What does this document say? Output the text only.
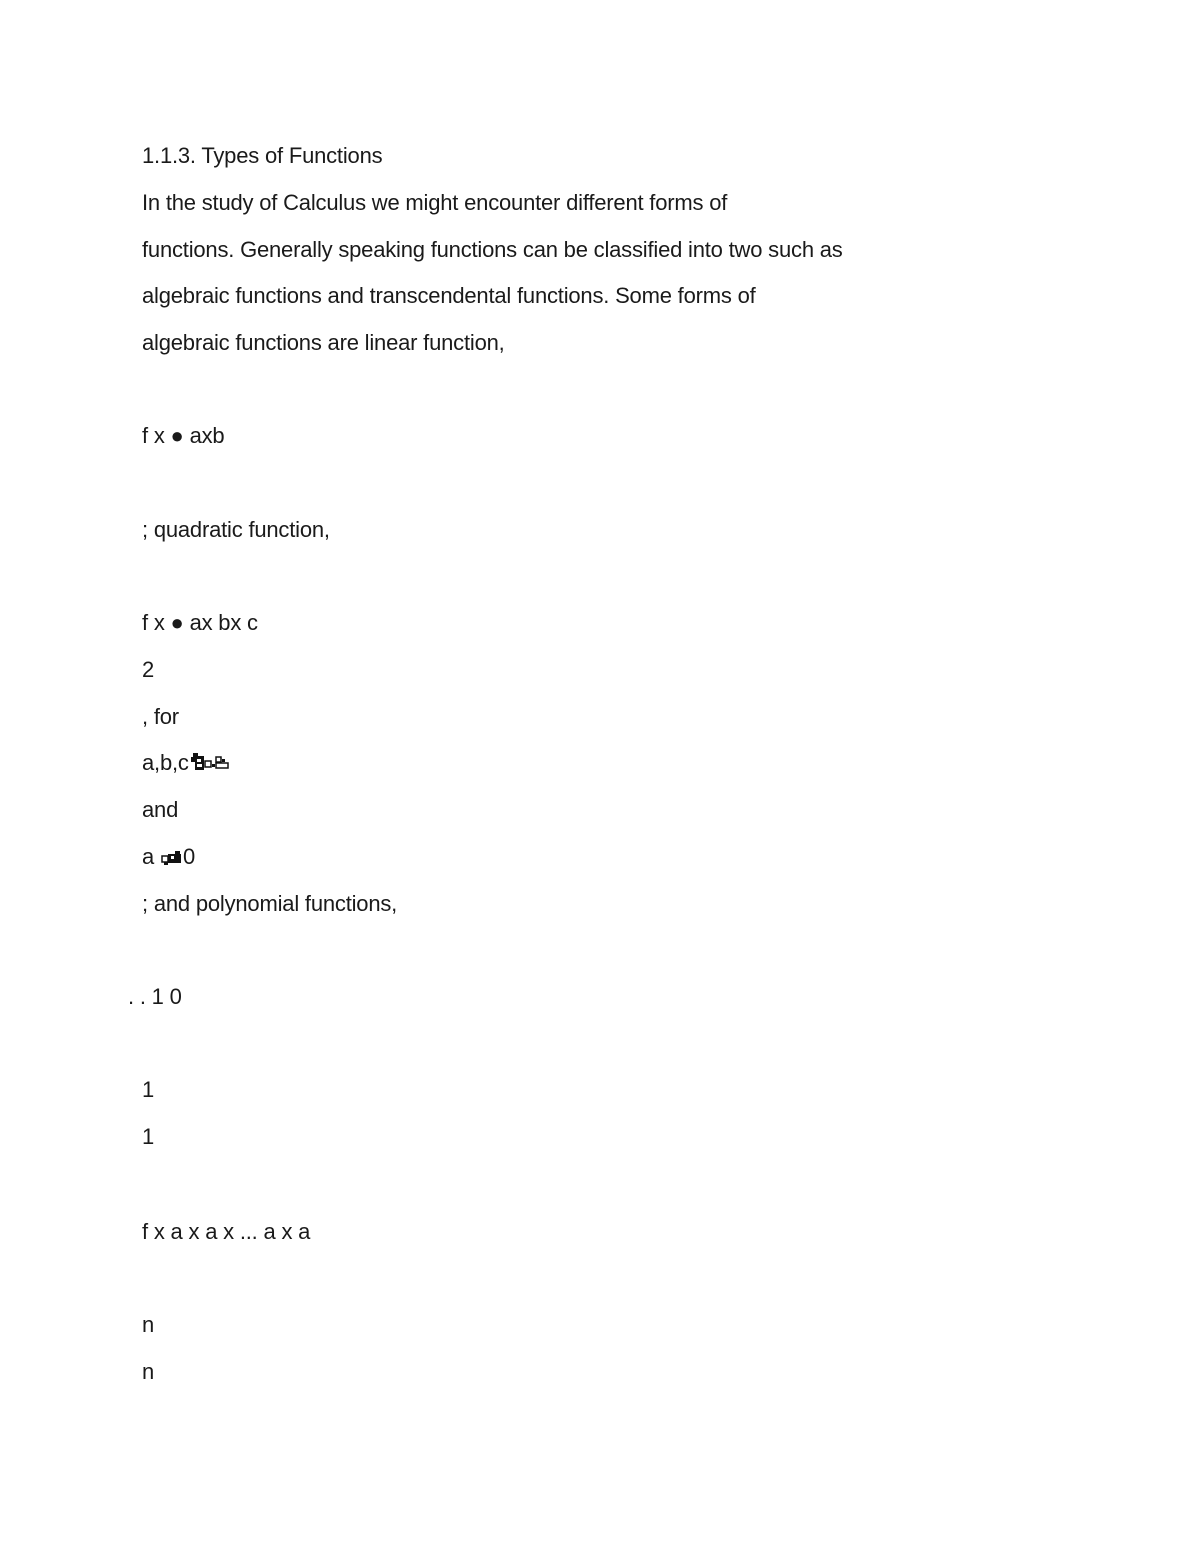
1.1.3. Types of Functions
In the study of Calculus we might encounter different forms of
functions. Generally speaking functions can be classified into two such as
algebraic functions and transcendental functions. Some forms of
algebraic functions are linear function,
f x ● axb
; quadratic function,
f x ● ax bx c
2
, for
a,b,c
and
a 0
; and polynomial functions,
. . 1 0
1
1
f x a x a x ... a x a
n
n
